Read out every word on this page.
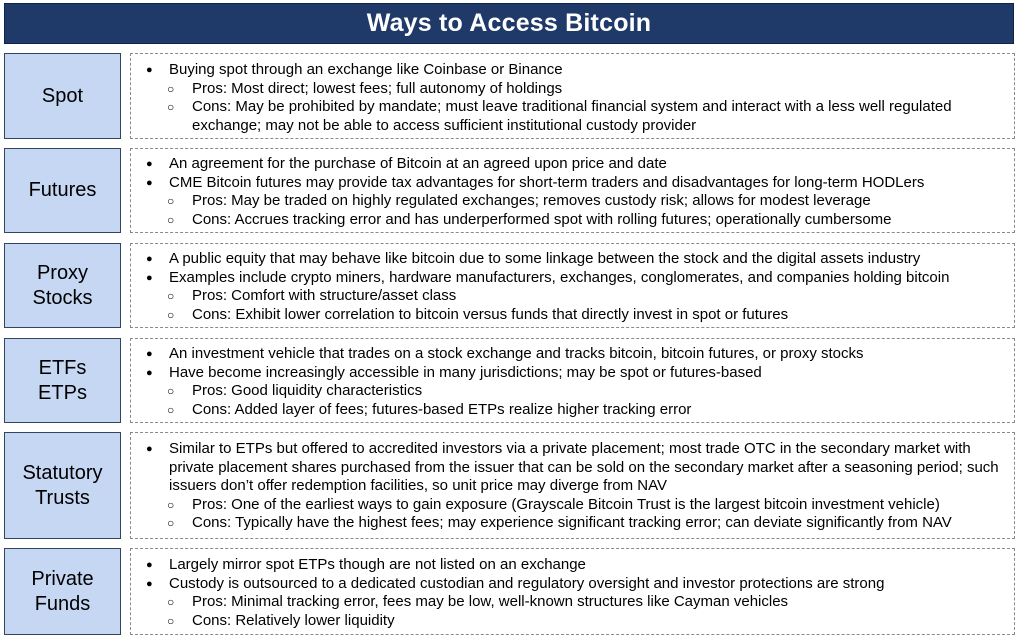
Ways to Access Bitcoin
Spot
● Buying spot through an exchange like Coinbase or Binance
○ Pros: Most direct; lowest fees; full autonomy of holdings
○ Cons: May be prohibited by mandate; must leave traditional financial system and interact with a less well regulated exchange; may not be able to access sufficient institutional custody provider
Futures
● An agreement for the purchase of Bitcoin at an agreed upon price and date
● CME Bitcoin futures may provide tax advantages for short-term traders and disadvantages for long-term HODLers
○ Pros: May be traded on highly regulated exchanges; removes custody risk; allows for modest leverage
○ Cons: Accrues tracking error and has underperformed spot with rolling futures; operationally cumbersome
Proxy
Stocks
● A public equity that may behave like bitcoin due to some linkage between the stock and the digital assets industry
● Examples include crypto miners, hardware manufacturers, exchanges, conglomerates, and companies holding bitcoin
○ Pros: Comfort with structure/asset class
○ Cons: Exhibit lower correlation to bitcoin versus funds that directly invest in spot or futures
ETFs
ETPs
● An investment vehicle that trades on a stock exchange and tracks bitcoin, bitcoin futures, or proxy stocks
● Have become increasingly accessible in many jurisdictions; may be spot or futures-based
○ Pros: Good liquidity characteristics
○ Cons: Added layer of fees; futures-based ETPs realize higher tracking error
Statutory
Trusts
● Similar to ETPs but offered to accredited investors via a private placement; most trade OTC in the secondary market with private placement shares purchased from the issuer that can be sold on the secondary market after a seasoning period; such issuers don’t offer redemption facilities, so unit price may diverge from NAV
○ Pros: One of the earliest ways to gain exposure (Grayscale Bitcoin Trust is the largest bitcoin investment vehicle)
○ Cons: Typically have the highest fees; may experience significant tracking error; can deviate significantly from NAV
Private
Funds
● Largely mirror spot ETPs though are not listed on an exchange
● Custody is outsourced to a dedicated custodian and regulatory oversight and investor protections are strong
○ Pros: Minimal tracking error, fees may be low, well-known structures like Cayman vehicles
○ Cons: Relatively lower liquidity
